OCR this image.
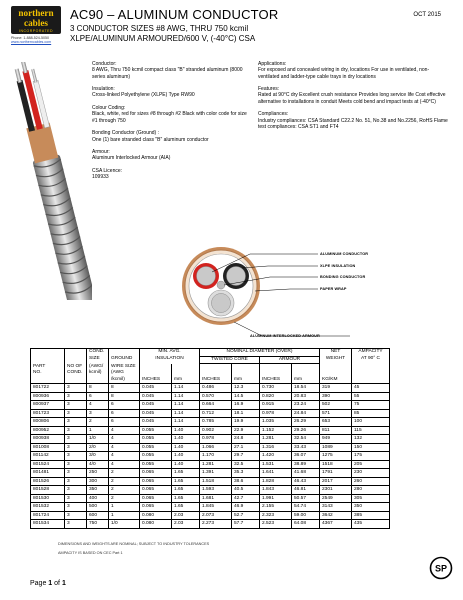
northern
cables
INCORPORATED
Phone: 1-888-524-5050
www.northerncables.com
AC90 – ALUMINUM CONDUCTOR	OCT 2015
3 CONDUCTOR SIZES #8 AWG, THRU 750 kcmil
XLPE/ALUMINUM ARMOURED/600 V, (-40°C) CSA

Conductor:
8 AWG, Thru 750 kcmil compact class "B" stranded aluminum (8000 series aluminum)

Insulation:
Cross-linked Polyethylene (XLPE) Type RW90

Colour Coding:
Black, white, red for sizes #8 through #2 Black with color code for size #1 through 750

Bonding Conductor (Ground) :
One (1) bare stranded class "B" aluminum conductor

Armour:
Aluminum Interlocked Armour (AIA)

CSA Licence:
109933

Applications:
For exposed and concealed wiring in dry, locations For use in ventilated, non-ventilated and ladder-type cable trays in dry locations

Features:
Rated at 90°C dry Excellent crush resistance Provides long service life Cost effective alternative to installations in conduit Meets cold bend and impact tests at (-40°C)

Compliances:
Industry compliances: CSA Standard C22.2 No. 51, No.38 and No.2256, RoHS Flame test compliances: CSA ST1 and FT4

ALUMINUM CONDUCTOR
XLPE INSULATION
BONDING CONDUCTOR
PAPER WRAP
ALUMINUM INTERLOCKED ARMOUR
		COND.		MIN. AVG.		NOMINAL DIAMETER (OVER)				NET	AMPACITY
		SIZE	GROUND	INSULATION		TWISTED CORE		ARMOUR		WEIGHT	AT 90° C
PART	NO OF	(AWG/	WIRE SIZE								
NO.	COND.	kcmil)	(AWG								
			/kcmil)	INCHES	mm	INCHES	mm	INCHES	mm	KG/KM	
801722	3	8	8	0.045	1.14	0.486	12.3	0.730	18.54	319	45
800936	3	6	8	0.045	1.14	0.570	14.5	0.820	20.83	390	55
800937	3	4	6	0.045	1.14	0.664	16.9	0.915	23.24	502	75
801723	3	3	6	0.045	1.14	0.712	18.1	0.978	24.84	571	85
800806	3	2	6	0.045	1.14	0.785	19.9	1.035	26.29	653	100
800952	3	1	4	0.055	1.40	0.902	22.9	1.152	29.26	811	115
800938	3	1/0	4	0.055	1.40	0.978	24.8	1.281	32.54	949	132
801008	3	2/0	4	0.055	1.40	1.066	27.1	1.316	33.43	1089	150
801142	3	3/0	4	0.055	1.40	1.170	29.7	1.420	36.07	1275	175
801524	3	4/0	4	0.055	1.40	1.281	32.5	1.531	38.89	1518	205
801481	3	250	2	0.065	1.65	1.391	35.3	1.641	41.68	1791	230
801526	3	300	2	0.065	1.65	1.518	38.6	1.828	46.43	2017	260
801528	3	350	2	0.065	1.65	1.593	40.5	1.843	46.81	2301	280
801530	3	400	2	0.065	1.65	1.681	42.7	1.991	50.57	2549	305
801532	3	500	1	0.065	1.65	1.845	46.9	2.155	54.74	3143	350
801724	3	600	1	0.080	2.03	2.073	52.7	2.323	59.00	3642	385
801534	3	750	1/0	0.080	2.03	2.273	57.7	2.523	64.08	4367	435
DIMENSIONS AND WEIGHTS ARE NOMINAL; SUBJECT TO INDUSTRY TOLERANCES
AMPACITY IS BASED ON CEC Part 1
Page 1 of 1
SP
